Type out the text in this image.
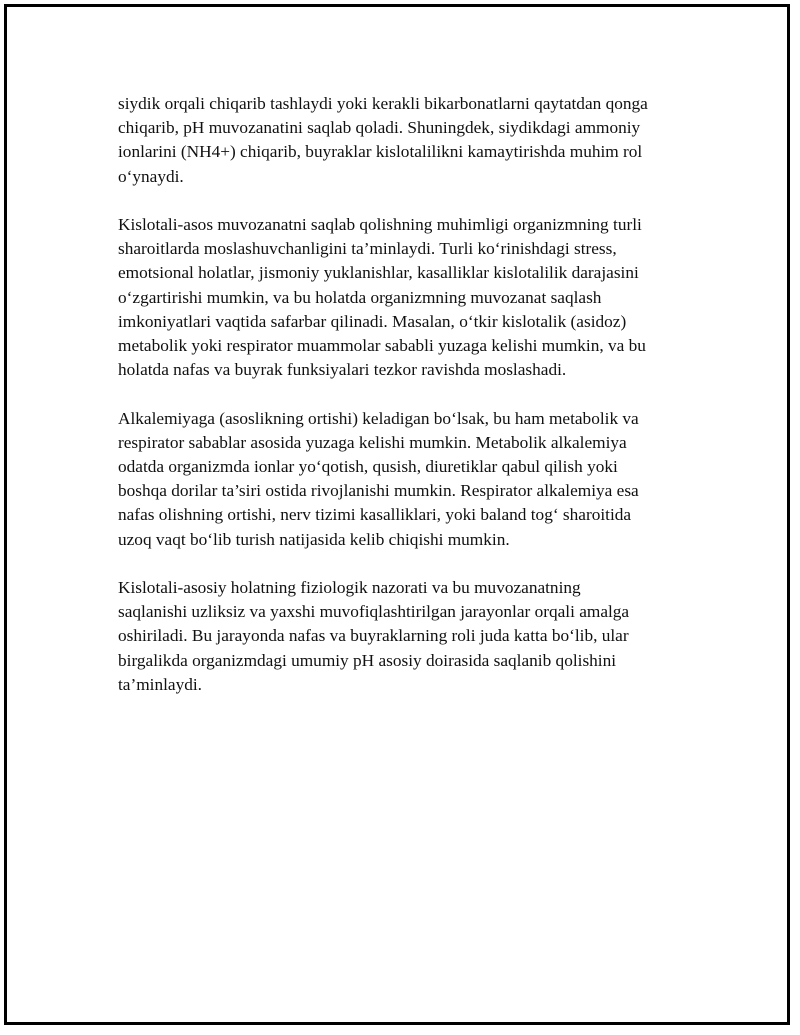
siydik orqali chiqarib tashlaydi yoki kerakli bikarbonatlarni qaytatdan qonga
chiqarib, pH muvozanatini saqlab qoladi. Shuningdek, siydikdagi ammoniy
ionlarini (NH4+) chiqarib, buyraklar kislotalilikni kamaytirishda muhim rol
o‘ynaydi.

Kislotali-asos muvozanatni saqlab qolishning muhimligi organizmning turli
sharoitlarda moslashuvchanligini ta’minlaydi. Turli ko‘rinishdagi stress,
emotsional holatlar, jismoniy yuklanishlar, kasalliklar kislotalilik darajasini
o‘zgartirishi mumkin, va bu holatda organizmning muvozanat saqlash
imkoniyatlari vaqtida safarbar qilinadi. Masalan, o‘tkir kislotalik (asidoz)
metabolik yoki respirator muammolar sababli yuzaga kelishi mumkin, va bu
holatda nafas va buyrak funksiyalari tezkor ravishda moslashadi.

Alkalemiyaga (asoslikning ortishi) keladigan bo‘lsak, bu ham metabolik va
respirator sabablar asosida yuzaga kelishi mumkin. Metabolik alkalemiya
odatda organizmda ionlar yo‘qotish, qusish, diuretiklar qabul qilish yoki
boshqa dorilar ta’siri ostida rivojlanishi mumkin. Respirator alkalemiya esa
nafas olishning ortishi, nerv tizimi kasalliklari, yoki baland tog‘ sharoitida
uzoq vaqt bo‘lib turish natijasida kelib chiqishi mumkin.

Kislotali-asosiy holatning fiziologik nazorati va bu muvozanatning
saqlanishi uzliksiz va yaxshi muvofiqlashtirilgan jarayonlar orqali amalga
oshiriladi. Bu jarayonda nafas va buyraklarning roli juda katta bo‘lib, ular
birgalikda organizmdagi umumiy pH asosiy doirasida saqlanib qolishini
ta’minlaydi.
